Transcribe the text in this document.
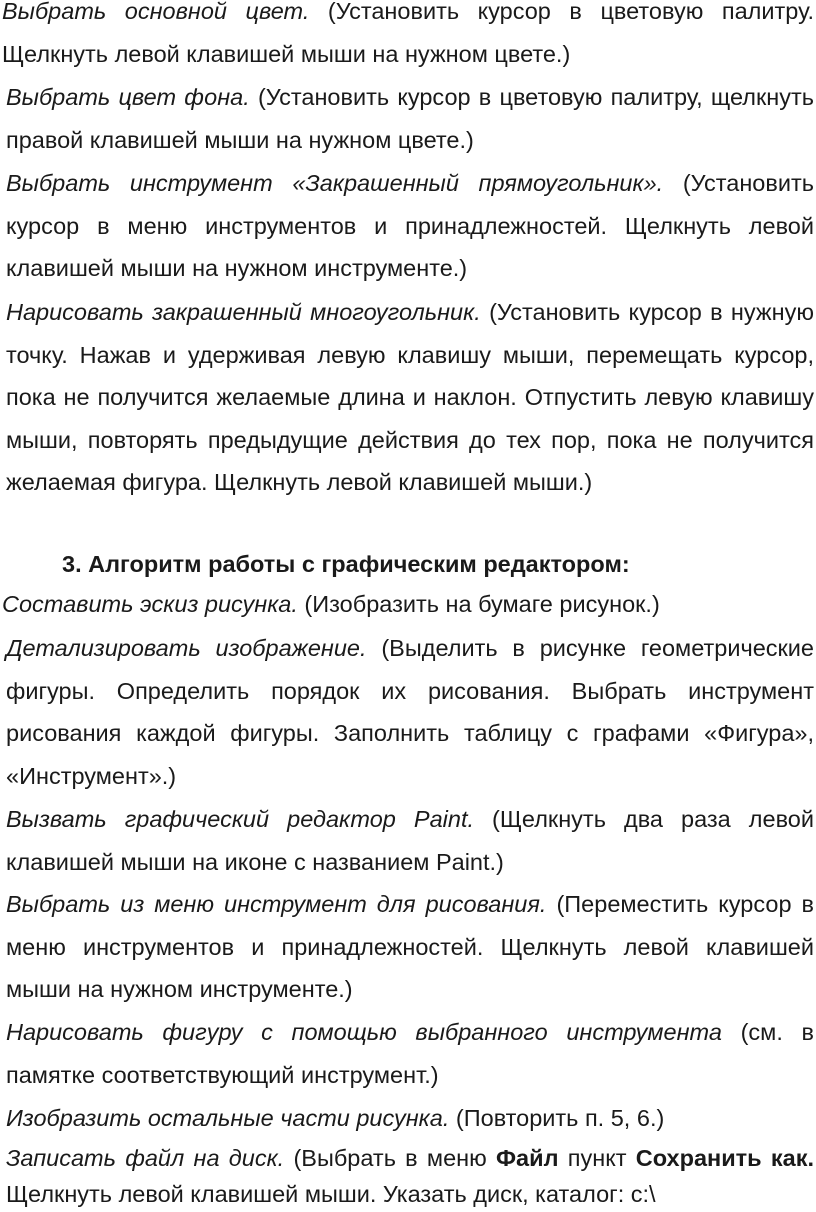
Выбрать основной цвет. (Установить курсор в цветовую палитру. Щелкнуть левой клавишей мыши на нужном цвете.)

Выбрать цвет фона. (Установить курсор в цветовую палитру, щелкнуть правой клавишей мыши на нужном цвете.)

Выбрать инструмент «Закрашенный прямоугольник». (Установить курсор в меню инструментов и принадлежностей. Щелкнуть левой клавишей мыши на нужном инструменте.)

Нарисовать закрашенный многоугольник. (Установить курсор в нужную точку. Нажав и удерживая левую клавишу мыши, перемещать курсор, пока не получится желаемые длина и наклон. Отпустить левую клавишу мыши, повторять предыдущие действия до тех пор, пока не получится желаемая фигура. Щелкнуть левой клавишей мыши.)

3. Алгоритм работы с графическим редактором:

Составить эскиз рисунка. (Изобразить на бумаге рисунок.)

Детализировать изображение. (Выделить в рисунке геометрические фигуры. Определить порядок их рисования. Выбрать инструмент рисования каждой фигуры. Заполнить таблицу с графами «Фигура», «Инструмент».)

Вызвать графический редактор Paint. (Щелкнуть два раза левой клавишей мыши на иконе с названием Paint.)

Выбрать из меню инструмент для рисования. (Переместить курсор в меню инструментов и принадлежностей. Щелкнуть левой клавишей мыши на нужном инструменте.)

Нарисовать фигуру с помощью выбранного инструмента (см. в памятке соответствующий инструмент.)

Изобразить остальные части рисунка. (Повторить п. 5, 6.)

Записать файл на диск. (Выбрать в меню Файл пункт Сохранить как. Щелкнуть левой клавишей мыши. Указать диск, каталог: c:\
